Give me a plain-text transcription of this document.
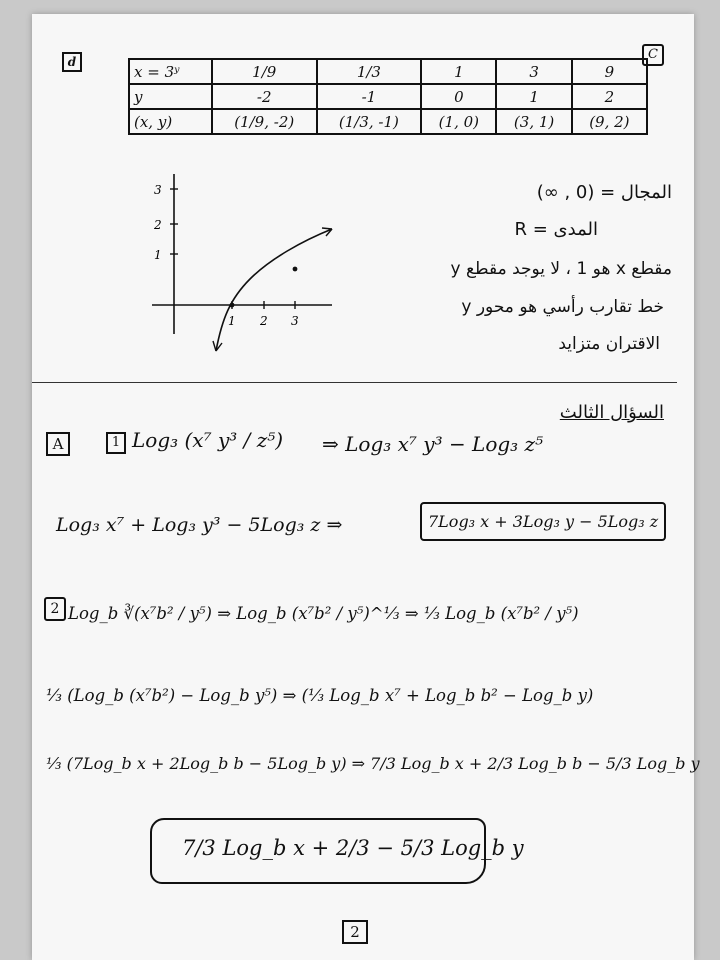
d	C
x = 3ʸ	1/9	1/3	1	3	9
y	-2	-1	0	1	2
(x, y)	(1/9, -2)	(1/3, -1)	(1, 0)	(3, 1)	(9, 2)
3
2
1
1 2 3
المجال = (0 , ∞)
المدى = R
مقطع x هو 1 ، لا يوجد مقطع y
خط تقارب رأسي هو محور y
الاقتران متزايد
السؤال الثالث
A	1 Log₃ (x⁷ y³ / z⁵) ⇒ Log₃ x⁷ y³ − Log₃ z⁵
Log₃ x⁷ + Log₃ y³ − 5Log₃ z ⇒	7Log₃ x + 3Log₃ y − 5Log₃ z
2 Log_b ∛(x⁷b² / y⁵) ⇒ Log_b (x⁷b² / y⁵)^⅓ ⇒ ⅓ Log_b (x⁷b² / y⁵)
⅓ (Log_b (x⁷b²) − Log_b y⁵) ⇒ (⅓ Log_b x⁷ + Log_b b² − Log_b y)
⅓ (7Log_b x + 2Log_b b − 5Log_b y) ⇒ 7/3 Log_b x + 2/3 Log_b b − 5/3 Log_b y
7/3 Log_b x + 2/3 − 5/3 Log_b y
2
